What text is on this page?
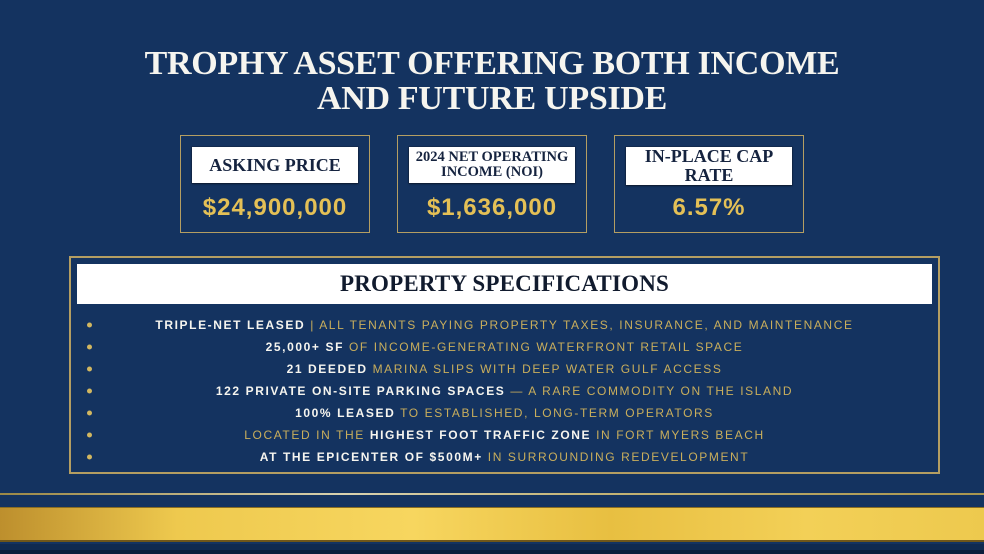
TROPHY ASSET OFFERING BOTH INCOME
AND FUTURE UPSIDE
ASKING PRICE
$24,900,000
2024 NET OPERATING
INCOME (NOI)
$1,636,000
IN-PLACE CAP RATE
6.57%
PROPERTY SPECIFICATIONS
TRIPLE-NET LEASED | ALL TENANTS PAYING PROPERTY TAXES, INSURANCE, AND MAINTENANCE
25,000+ SF OF INCOME-GENERATING WATERFRONT RETAIL SPACE
21 DEEDED MARINA SLIPS WITH DEEP WATER GULF ACCESS
122 PRIVATE ON-SITE PARKING SPACES — A RARE COMMODITY ON THE ISLAND
100% LEASED TO ESTABLISHED, LONG-TERM OPERATORS
LOCATED IN THE HIGHEST FOOT TRAFFIC ZONE IN FORT MYERS BEACH
AT THE EPICENTER OF $500M+ IN SURROUNDING REDEVELOPMENT
